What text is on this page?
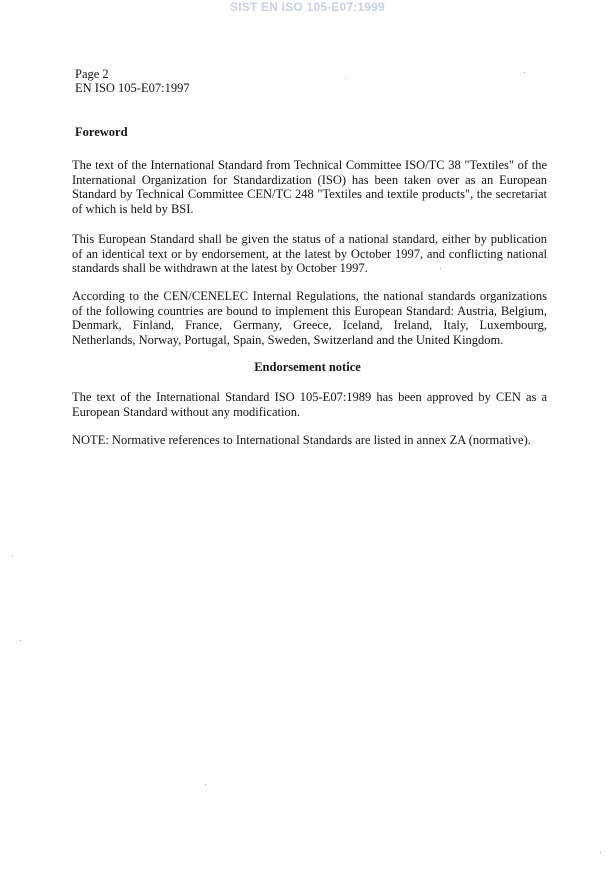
SIST EN ISO 105-E07:1999
Page 2
EN ISO 105-E07:1997
Foreword

The text of the International Standard from Technical Committee ISO/TC 38 "Textiles" of the International Organization for Standardization (ISO) has been taken over as an European Standard by Technical Committee CEN/TC 248 "Textiles and textile products", the secretariat of which is held by BSI.

This European Standard shall be given the status of a national standard, either by publication of an identical text or by endorsement, at the latest by October 1997, and conflicting national standards shall be withdrawn at the latest by October 1997.

According to the CEN/CENELEC Internal Regulations, the national standards organizations of the following countries are bound to implement this European Standard: Austria, Belgium, Denmark, Finland, France, Germany, Greece, Iceland, Ireland, Italy, Luxembourg, Netherlands, Norway, Portugal, Spain, Sweden, Switzerland and the United Kingdom.

Endorsement notice

The text of the International Standard ISO 105-E07:1989 has been approved by CEN as a European Standard without any modification.

NOTE: Normative references to International Standards are listed in annex ZA (normative).
